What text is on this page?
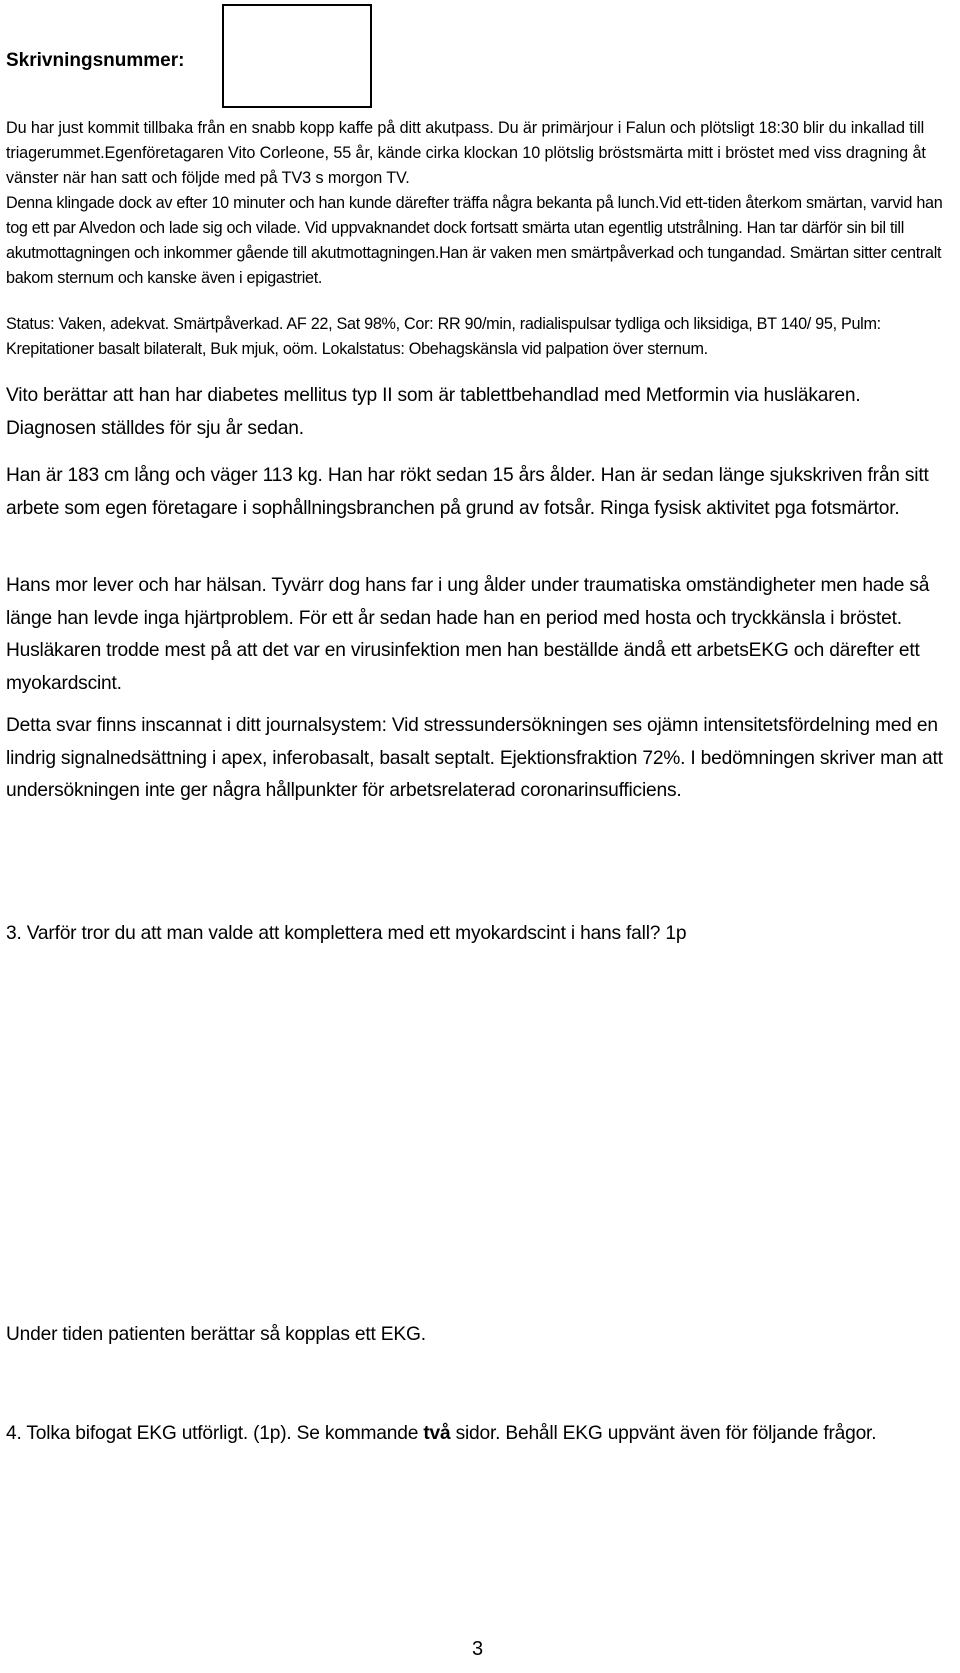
Skrivningsnummer:

Du har just kommit tillbaka från en snabb kopp kaffe på ditt akutpass. Du är primärjour i Falun och plötsligt 18:30 blir du inkallad till triagerummet.Egenföretagaren Vito Corleone, 55 år, kände cirka klockan 10 plötslig bröstsmärta mitt i bröstet med viss dragning åt vänster när han satt och följde med på TV3 s morgon TV.

Denna klingade dock av efter 10 minuter och han kunde därefter träffa några bekanta på lunch.Vid ett-tiden återkom smärtan, varvid han tog ett par Alvedon och lade sig och vilade. Vid uppvaknandet dock fortsatt smärta utan egentlig utstrålning. Han tar därför sin bil till akutmottagningen och inkommer gående till akutmottagningen.Han är vaken men smärtpåverkad och tungandad. Smärtan sitter centralt bakom sternum och kanske även i epigastriet.

Status: Vaken, adekvat. Smärtpåverkad. AF 22, Sat 98%, Cor: RR 90/min, radialispulsar tydliga och liksidiga, BT 140/ 95, Pulm: Krepitationer basalt bilateralt, Buk mjuk, oöm. Lokalstatus: Obehagskänsla vid palpation över sternum.

Vito berättar att han har diabetes mellitus typ II som är tablettbehandlad med Metformin via husläkaren. Diagnosen ställdes för sju år sedan.

Han är 183 cm lång och väger 113 kg. Han har rökt sedan 15 års ålder. Han är sedan länge sjukskriven från sitt arbete som egen företagare i sophållningsbranchen på grund av fotsår. Ringa fysisk aktivitet pga fotsmärtor.

Hans mor lever och har hälsan. Tyvärr dog hans far i ung ålder under traumatiska omständigheter men hade så länge han levde inga hjärtproblem. För ett år sedan hade han en period med hosta och tryckkänsla i bröstet. Husläkaren trodde mest på att det var en virusinfektion men han beställde ändå ett arbetsEKG och därefter ett myokardscint.

Detta svar finns inscannat i ditt journalsystem: Vid stressundersökningen ses ojämn intensitetsfördelning med en lindrig signalnedsättning i apex, inferobasalt, basalt septalt. Ejektionsfraktion 72%. I bedömningen skriver man att undersökningen inte ger några hållpunkter för arbetsrelaterad coronarinsufficiens.

3. Varför tror du att man valde att komplettera med ett myokardscint i hans fall? 1p

Under tiden patienten berättar så kopplas ett EKG.

4. Tolka bifogat EKG utförligt. (1p). Se kommande två sidor. Behåll EKG uppvänt även för följande frågor.

3
